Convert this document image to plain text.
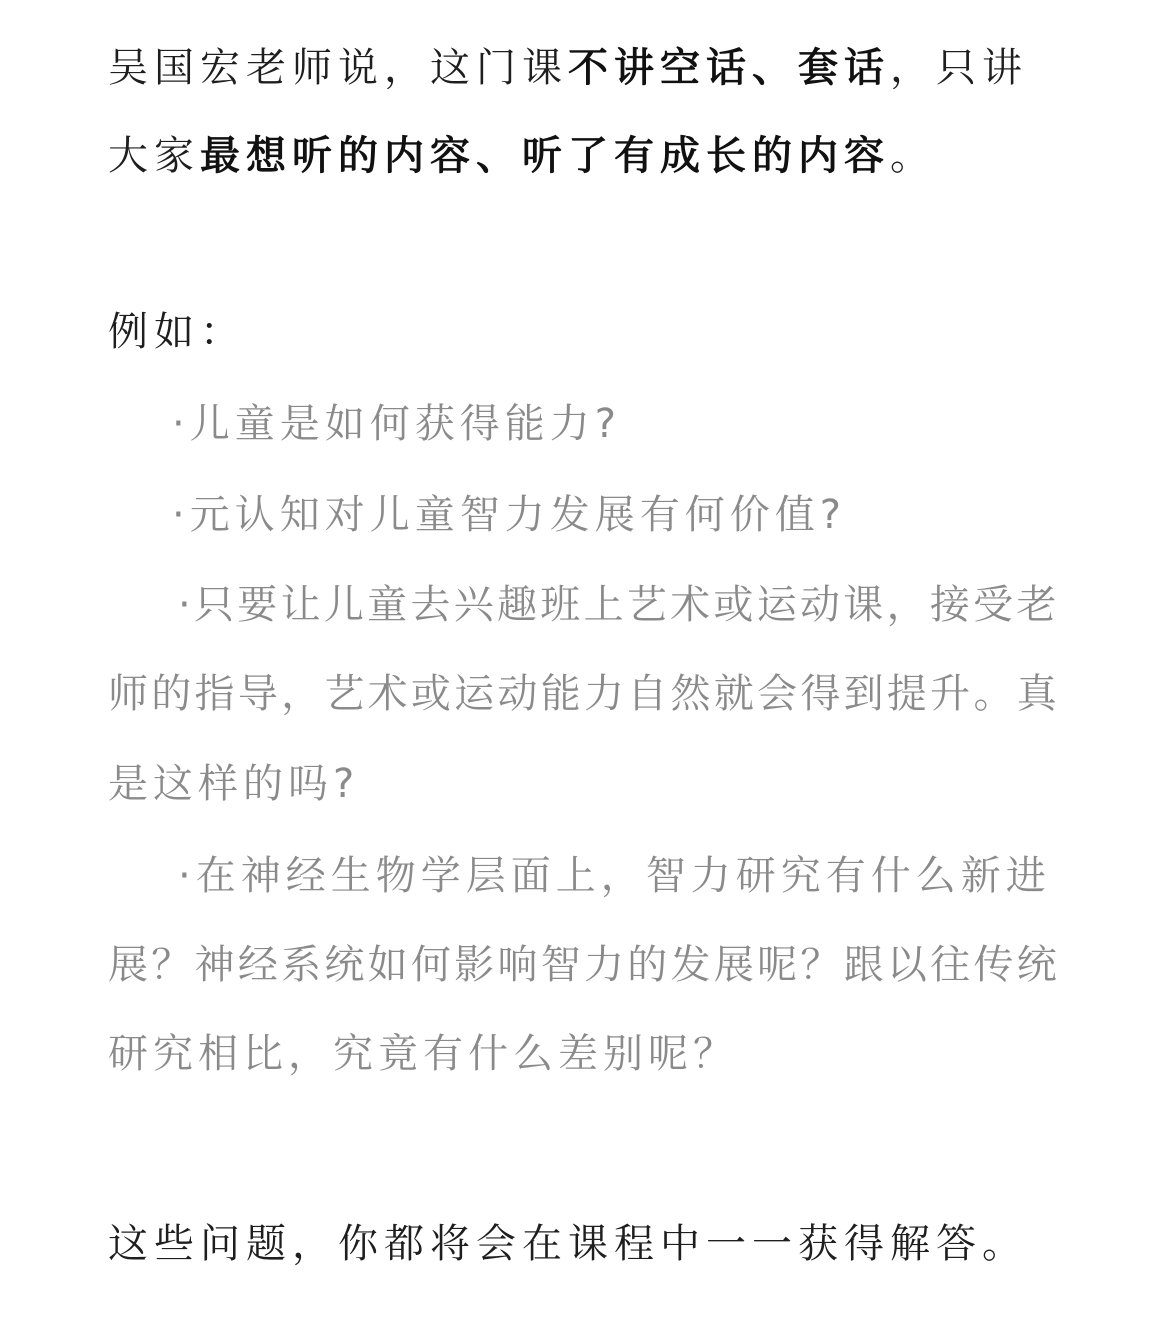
吴国宏老师说，这门课不讲空话、套话，只讲
大家最想听的内容、听了有成长的内容。
例如：
·儿童是如何获得能力?
·元认知对儿童智力发展有何价值?
·只要让儿童去兴趣班上艺术或运动课，接受老
师的指导，艺术或运动能力自然就会得到提升。真
是这样的吗?
·在神经生物学层面上，智力研究有什么新进
展？神经系统如何影响智力的发展呢？跟以往传统
研究相比，究竟有什么差别呢？
这些问题，你都将会在课程中一一获得解答。
